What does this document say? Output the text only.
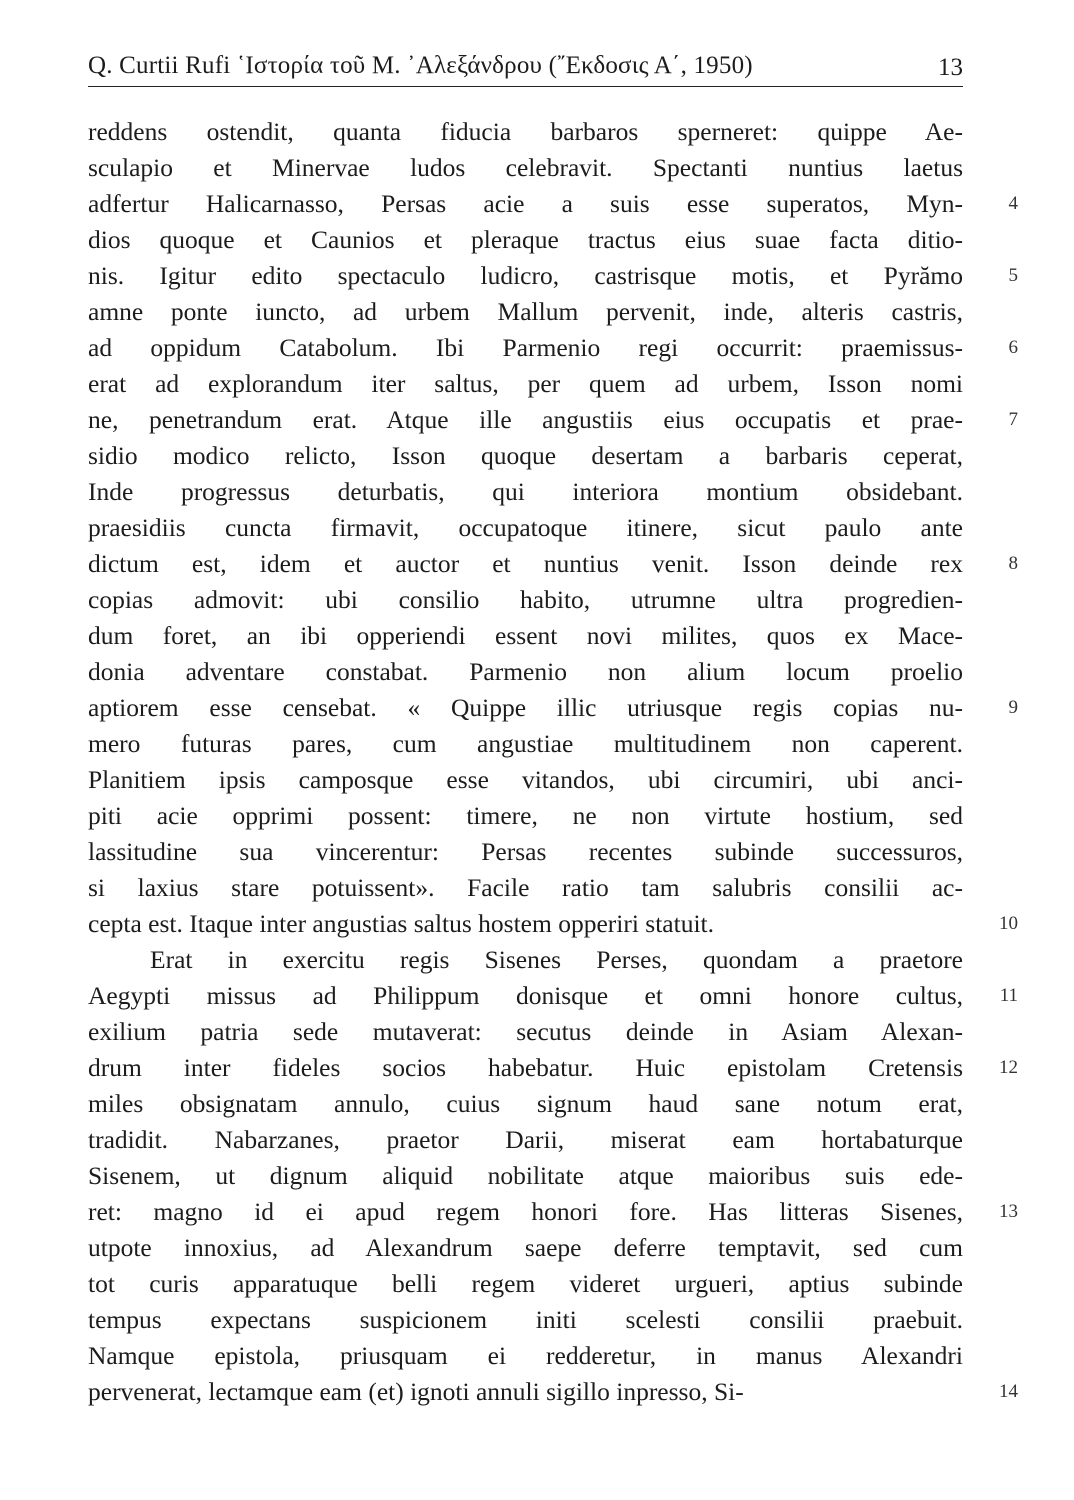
Q. Curtii Rufi ῾Ιστορία τοῦ Μ. ᾿Αλεξάνδρου (῎Εκδοσις Α΄, 1950)	13
reddens ostendit, quanta fiducia barbaros sperneret: quippe Ae-
sculapio et Minervae ludos celebravit. Spectanti nuntius laetus
adfertur Halicarnasso, Persas acie a suis esse superatos, Myn-	4
dios quoque et Caunios et pleraque tractus eius suae facta ditio-
nis. Igitur edito spectaculo ludicro, castrisque motis, et Pyrămo	5
amne ponte iuncto, ad urbem Mallum pervenit, inde, alteris castris,
ad oppidum Catabolum. Ibi Parmenio regi occurrit: praemissus-	6
erat ad explorandum iter saltus, per quem ad urbem, Isson nomi
ne, penetrandum erat. Atque ille angustiis eius occupatis et prae-	7
sidio modico relicto, Isson quoque desertam a barbaris ceperat,
Inde progressus deturbatis, qui interiora montium obsidebant.
praesidiis cuncta firmavit, occupatoque itinere, sicut paulo ante
dictum est, idem et auctor et nuntius venit. Isson deinde rex	8
copias admovit: ubi consilio habito, utrumne ultra progredien-
dum foret, an ibi opperiendi essent novi milites, quos ex Mace-
donia adventare constabat. Parmenio non alium locum proelio
aptiorem esse censebat. « Quippe illic utriusque regis copias nu-	9
mero futuras pares, cum angustiae multitudinem non caperent.
Planitiem ipsis camposque esse vitandos, ubi circumiri, ubi anci-
piti acie opprimi possent: timere, ne non virtute hostium, sed
lassitudine sua vincerentur: Persas recentes subinde successuros,
si laxius stare potuissent». Facile ratio tam salubris consilii ac-
cepta est. Itaque inter angustias saltus hostem opperiri statuit.	10
Erat in exercitu regis Sisenes Perses, quondam a praetore
Aegypti missus ad Philippum donisque et omni honore cultus,	11
exilium patria sede mutaverat: secutus deinde in Asiam Alexan-
drum inter fideles socios habebatur. Huic epistolam Cretensis	12
miles obsignatam annulo, cuius signum haud sane notum erat,
tradidit. Nabarzanes, praetor Darii, miserat eam hortabaturque
Sisenem, ut dignum aliquid nobilitate atque maioribus suis ede-
ret: magno id ei apud regem honori fore. Has litteras Sisenes,	13
utpote innoxius, ad Alexandrum saepe deferre temptavit, sed cum
tot curis apparatuque belli regem videret urgueri, aptius subinde
tempus expectans suspicionem initi scelesti consilii praebuit.
Namque epistola, priusquam ei redderetur, in manus Alexandri
pervenerat, lectamque eam (et) ignoti annuli sigillo inpresso, Si-	14
